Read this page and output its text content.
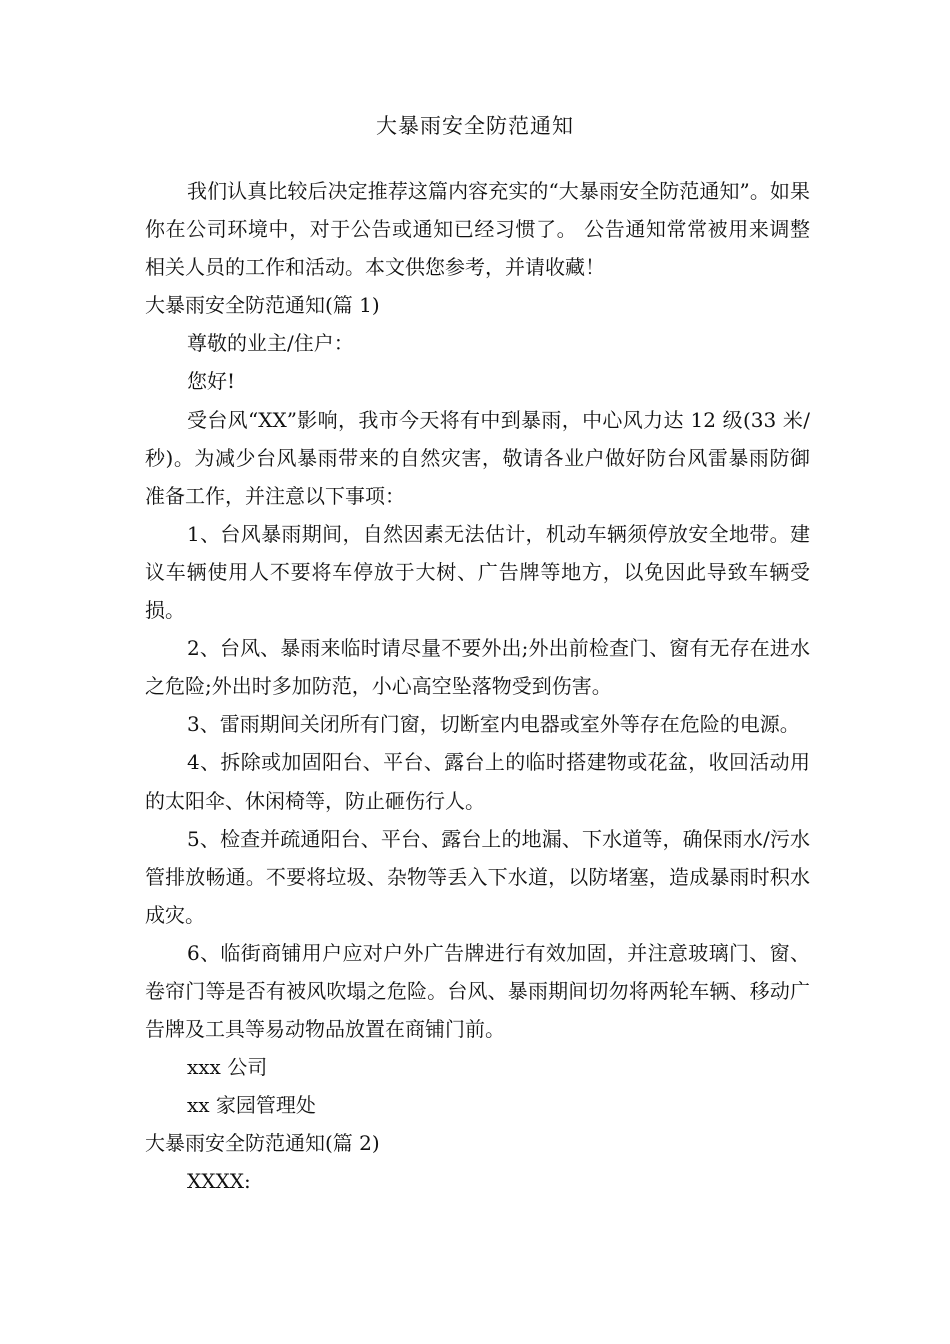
大暴雨安全防范通知

我们认真比较后决定推荐这篇内容充实的“大暴雨安全防范通知”。如果你在公司环境中，对于公告或通知已经习惯了。 公告通知常常被用来调整相关人员的工作和活动。本文供您参考，并请收藏！

大暴雨安全防范通知(篇 1)

尊敬的业主/住户：

您好!

受台风“XX”影响，我市今天将有中到暴雨，中心风力达 12 级(33 米/秒)。为减少台风暴雨带来的自然灾害，敬请各业户做好防台风雷暴雨防御准备工作，并注意以下事项：

1、台风暴雨期间，自然因素无法估计，机动车辆须停放安全地带。建议车辆使用人不要将车停放于大树、广告牌等地方，以免因此导致车辆受损。

2、台风、暴雨来临时请尽量不要外出;外出前检查门、窗有无存在进水之危险;外出时多加防范，小心高空坠落物受到伤害。

3、雷雨期间关闭所有门窗，切断室内电器或室外等存在危险的电源。

4、拆除或加固阳台、平台、露台上的临时搭建物或花盆，收回活动用的太阳伞、休闲椅等，防止砸伤行人。

5、检查并疏通阳台、平台、露台上的地漏、下水道等，确保雨水/污水管排放畅通。不要将垃圾、杂物等丢入下水道，以防堵塞，造成暴雨时积水成灾。

6、临街商铺用户应对户外广告牌进行有效加固，并注意玻璃门、窗、卷帘门等是否有被风吹塌之危险。台风、暴雨期间切勿将两轮车辆、移动广告牌及工具等易动物品放置在商铺门前。

xxx 公司

xx 家园管理处

大暴雨安全防范通知(篇 2)

XXXX:
